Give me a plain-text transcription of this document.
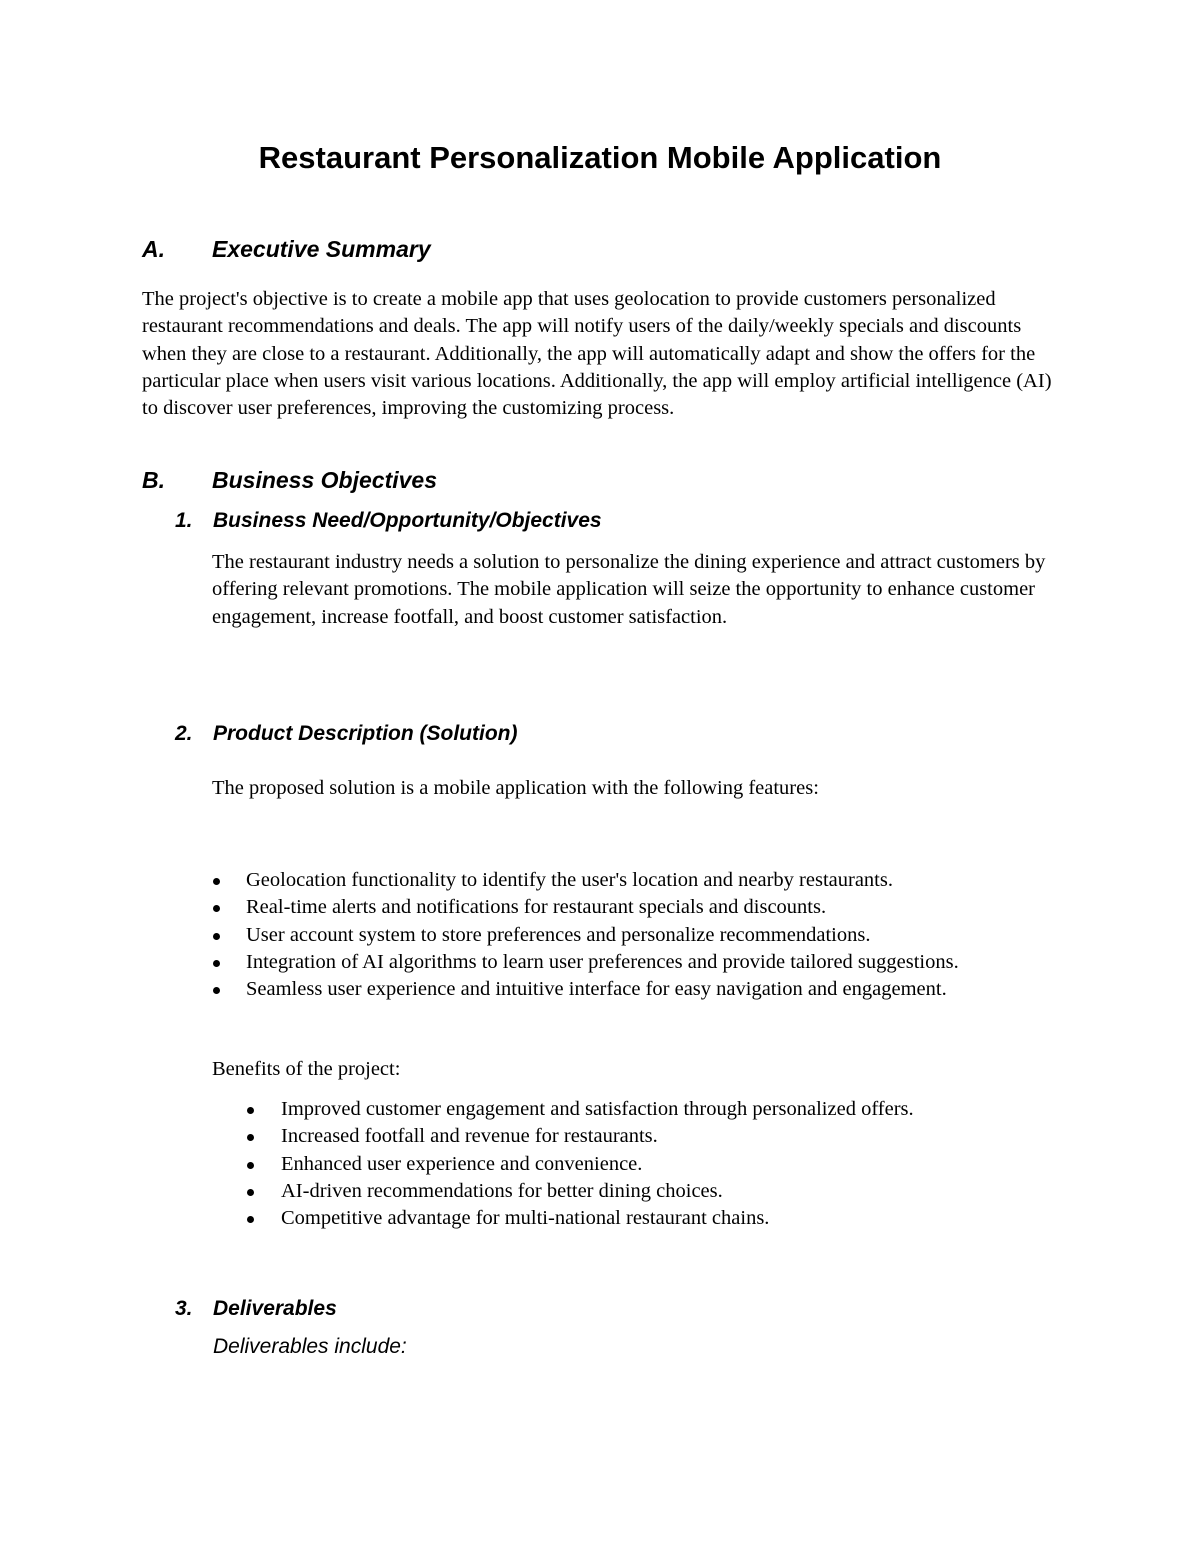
Restaurant Personalization Mobile Application
A. Executive Summary

The project's objective is to create a mobile app that uses geolocation to provide customers personalized restaurant recommendations and deals. The app will notify users of the daily/weekly specials and discounts when they are close to a restaurant. Additionally, the app will automatically adapt and show the offers for the particular place when users visit various locations. Additionally, the app will employ artificial intelligence (AI) to discover user preferences, improving the customizing process.

B. Business Objectives
1. Business Need/Opportunity/Objectives

The restaurant industry needs a solution to personalize the dining experience and attract customers by offering relevant promotions. The mobile application will seize the opportunity to enhance customer engagement, increase footfall, and boost customer satisfaction.

2. Product Description (Solution)

The proposed solution is a mobile application with the following features:

Geolocation functionality to identify the user's location and nearby restaurants.
Real-time alerts and notifications for restaurant specials and discounts.
User account system to store preferences and personalize recommendations.
Integration of AI algorithms to learn user preferences and provide tailored suggestions.
Seamless user experience and intuitive interface for easy navigation and engagement.

Benefits of the project:

Improved customer engagement and satisfaction through personalized offers.
Increased footfall and revenue for restaurants.
Enhanced user experience and convenience.
AI-driven recommendations for better dining choices.
Competitive advantage for multi-national restaurant chains.
3. Deliverables

Deliverables include:
